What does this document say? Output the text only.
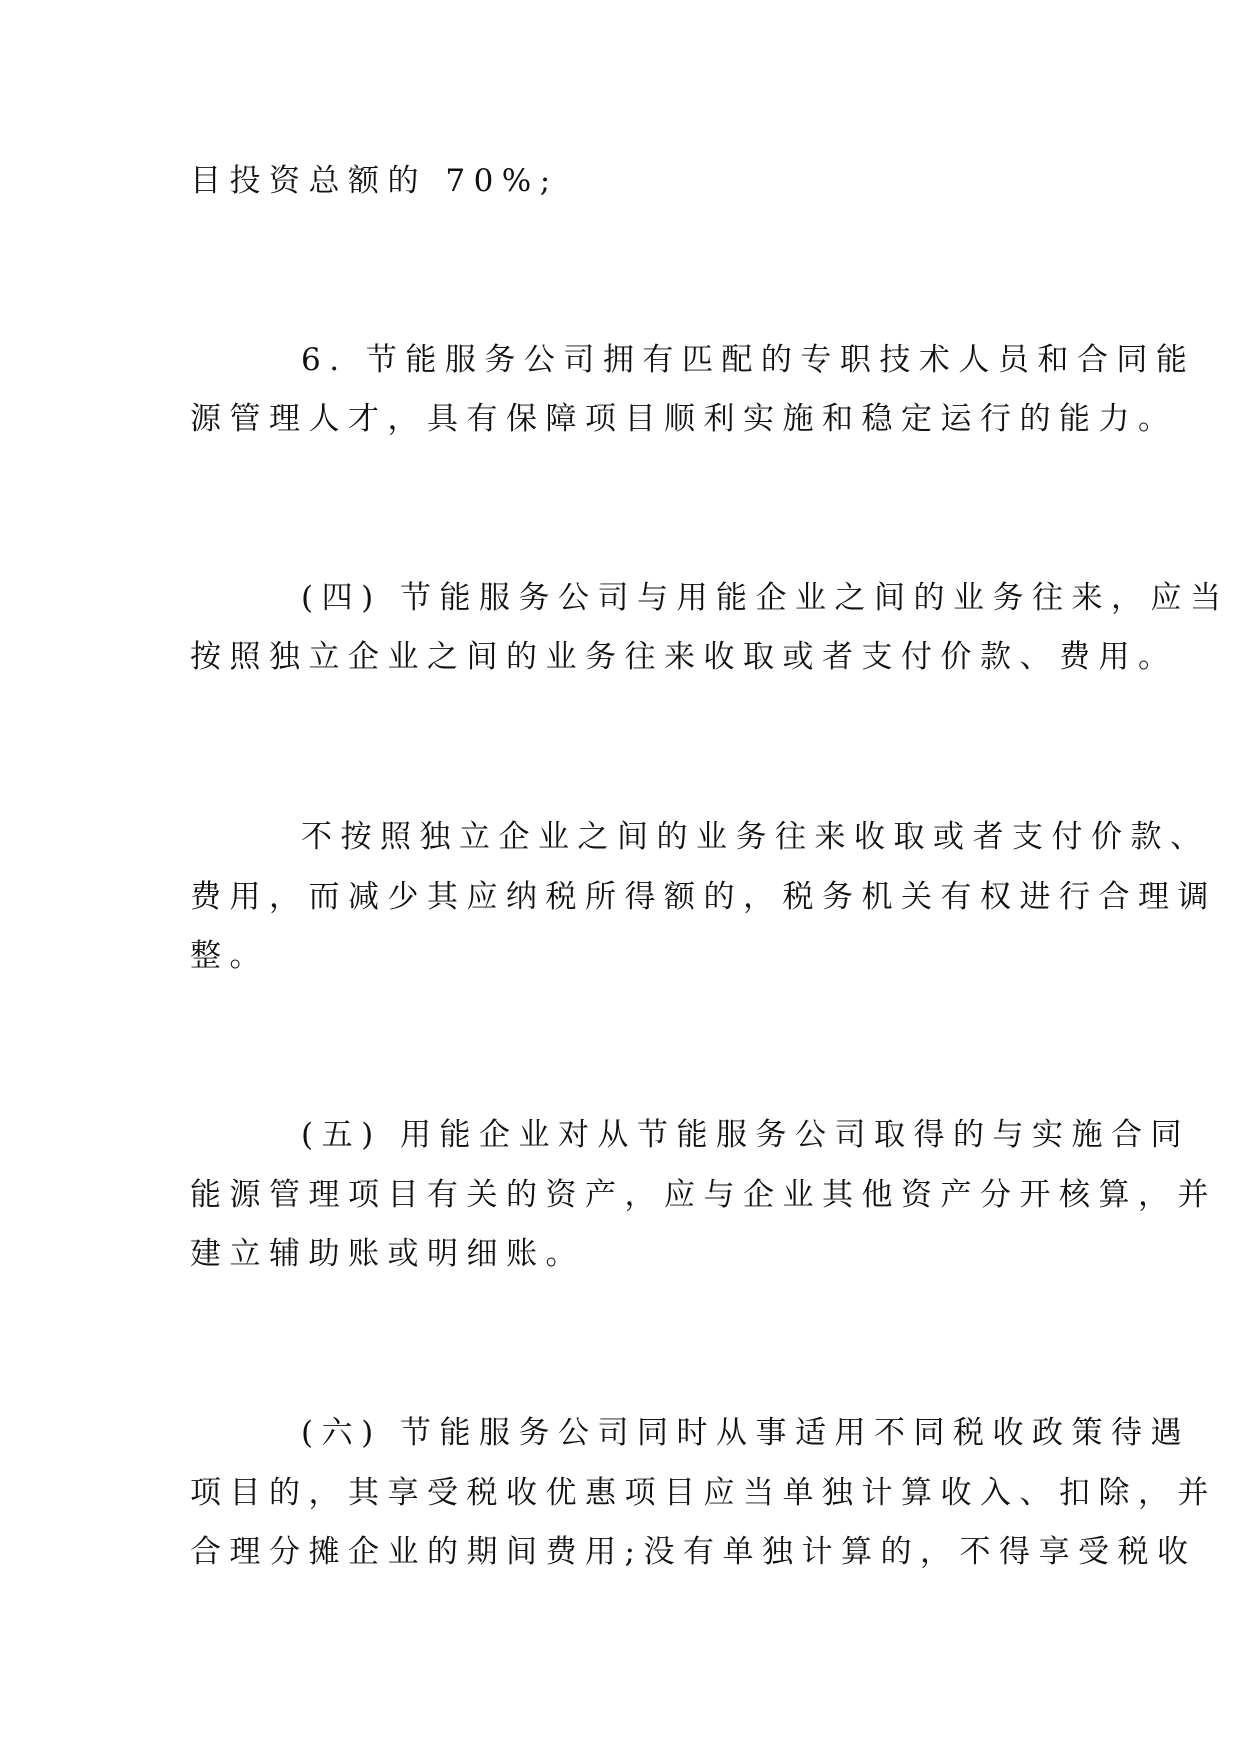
目投资总额的 70%;
6. 节能服务公司拥有匹配的专职技术人员和合同能
源管理人才，具有保障项目顺利实施和稳定运行的能力。
(四) 节能服务公司与用能企业之间的业务往来，应当
按照独立企业之间的业务往来收取或者支付价款、费用。
不按照独立企业之间的业务往来收取或者支付价款、
费用，而减少其应纳税所得额的，税务机关有权进行合理调
整。
(五) 用能企业对从节能服务公司取得的与实施合同
能源管理项目有关的资产，应与企业其他资产分开核算，并
建立辅助账或明细账。
(六) 节能服务公司同时从事适用不同税收政策待遇
项目的，其享受税收优惠项目应当单独计算收入、扣除，并
合理分摊企业的期间费用;没有单独计算的，不得享受税收
